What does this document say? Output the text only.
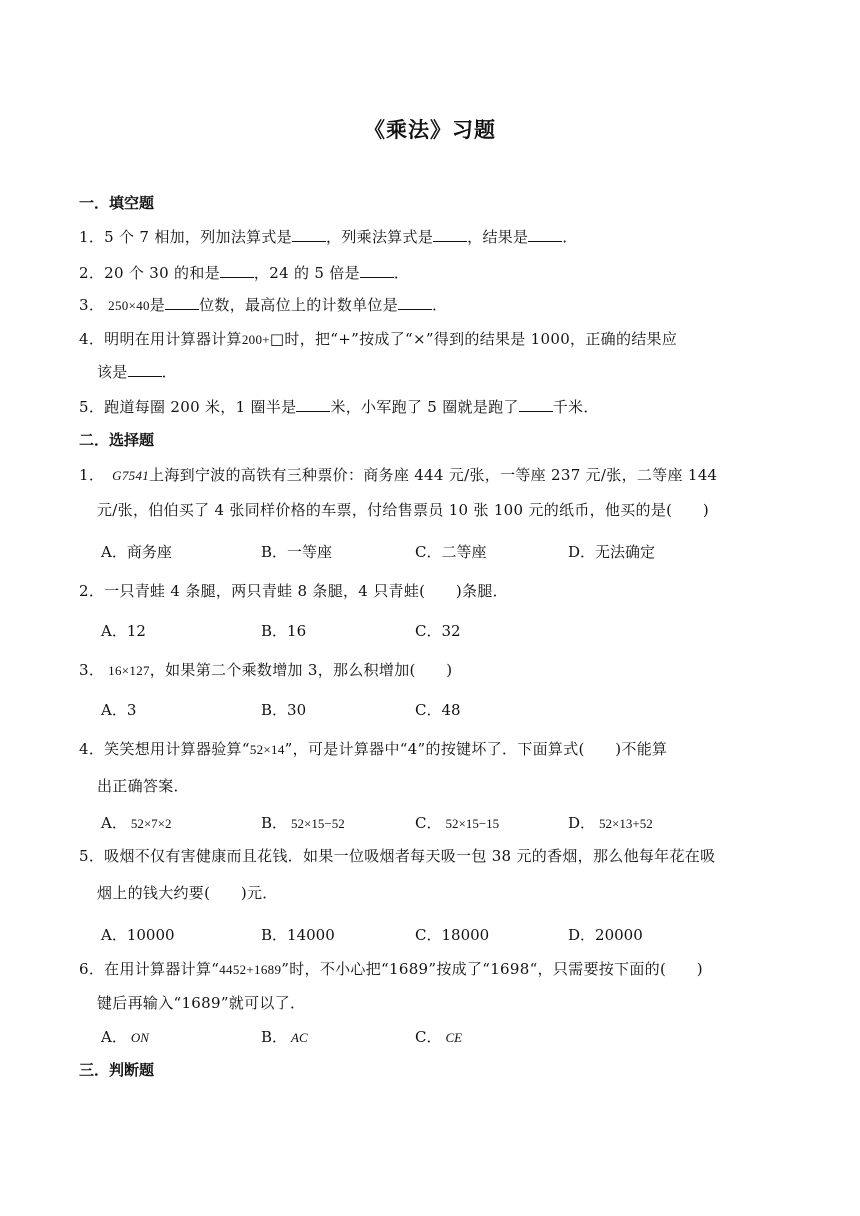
《乘法》习题
一．填空题
1．5 个 7 相加，列加法算式是 ，列乘法算式是 ，结果是 ．
2．20 个 30 的和是 ，24 的 5 倍是 ．
3． 250×40是 位数，最高位上的计数单位是 ．
4．明明在用计算器计算200+□时，把“+”按成了“×”得到的结果是 1000，正确的结果应
该是 ．
5．跑道每圈 200 米，1 圈半是 米，小军跑了 5 圈就是跑了 千米．
二．选择题
1． G7541上海到宁波的高铁有三种票价：商务座 444 元/张，一等座 237 元/张，二等座 144
元/张，伯伯买了 4 张同样价格的车票，付给售票员 10 张 100 元的纸币，他买的是(　　)
A．商务座	B．一等座	C．二等座	D．无法确定
2．一只青蛙 4 条腿，两只青蛙 8 条腿，4 只青蛙(　　)条腿．
A．12	B．16	C．32
3． 16×127，如果第二个乘数增加 3，那么积增加(　　)
A．3	B．30	C．48
4．笑笑想用计算器验算“52×14”，可是计算器中“4”的按键坏了．下面算式(　　)不能算
出正确答案．
A． 52×7×2	B． 52×15−52	C． 52×15−15	D． 52×13+52
5．吸烟不仅有害健康而且花钱．如果一位吸烟者每天吸一包 38 元的香烟，那么他每年花在吸
烟上的钱大约要(　　)元．
A．10000	B．14000	C．18000	D．20000
6．在用计算器计算“4452+1689”时，不小心把“1689”按成了“1698“，只需要按下面的(　　)
键后再输入“1689”就可以了．
A． ON	B． AC	C． CE
三．判断题
